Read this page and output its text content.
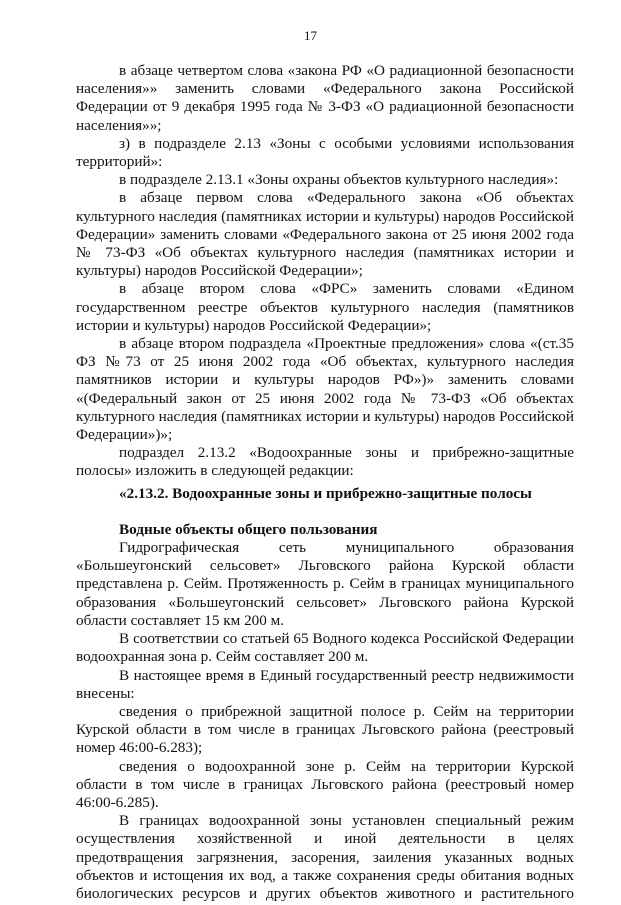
17

в абзаце четвертом слова «закона РФ «О радиационной безопасности населения»» заменить словами «Федерального закона Российской Федерации от 9 декабря 1995 года № 3-ФЗ «О радиационной безопасности населения»»;

з) в подразделе 2.13 «Зоны с особыми условиями использования территорий»:

в подразделе 2.13.1 «Зоны охраны объектов культурного наследия»:

в абзаце первом слова «Федерального закона «Об объектах культурного наследия (памятниках истории и культуры) народов Российской Федерации» заменить словами «Федерального закона от 25 июня 2002 года № 73-ФЗ «Об объектах культурного наследия (памятниках истории и культуры) народов Российской Федерации»;

в абзаце втором слова «ФРС» заменить словами «Едином государственном реестре объектов культурного наследия (памятников истории и культуры) народов Российской Федерации»;

в абзаце втором подраздела «Проектные предложения» слова «(ст.35 ФЗ №73 от 25 июня 2002 года «Об объектах, культурного наследия памятников истории и культуры народов РФ»)» заменить словами «(Федеральный закон от 25 июня 2002 года № 73-ФЗ «Об объектах культурного наследия (памятниках истории и культуры) народов Российской Федерации»)»;

подраздел 2.13.2 «Водоохранные зоны и прибрежно-защитные полосы» изложить в следующей редакции:

«2.13.2. Водоохранные зоны и прибрежно-защитные полосы

Водные объекты общего пользования

Гидрографическая сеть муниципального образования «Большеугонский сельсовет» Льговского района Курской области представлена р. Сейм. Протяженность р. Сейм в границах муниципального образования «Большеугонский сельсовет» Льговского района Курской области составляет 15 км 200 м.

В соответствии со статьей 65 Водного кодекса Российской Федерации водоохранная зона р. Сейм составляет 200 м.

В настоящее время в Единый государственный реестр недвижимости внесены:

сведения о прибрежной защитной полосе р. Сейм на территории Курской области в том числе в границах Льговского района (реестровый номер 46:00-6.283);

сведения о водоохранной зоне р. Сейм на территории Курской области в том числе в границах Льговского района (реестровый номер 46:00-6.285).

В границах водоохранной зоны установлен специальный режим осуществления хозяйственной и иной деятельности в целях предотвращения загрязнения, засорения, заиления указанных водных объектов и истощения их вод, а также сохранения среды обитания водных биологических ресурсов и других объектов животного и растительного
